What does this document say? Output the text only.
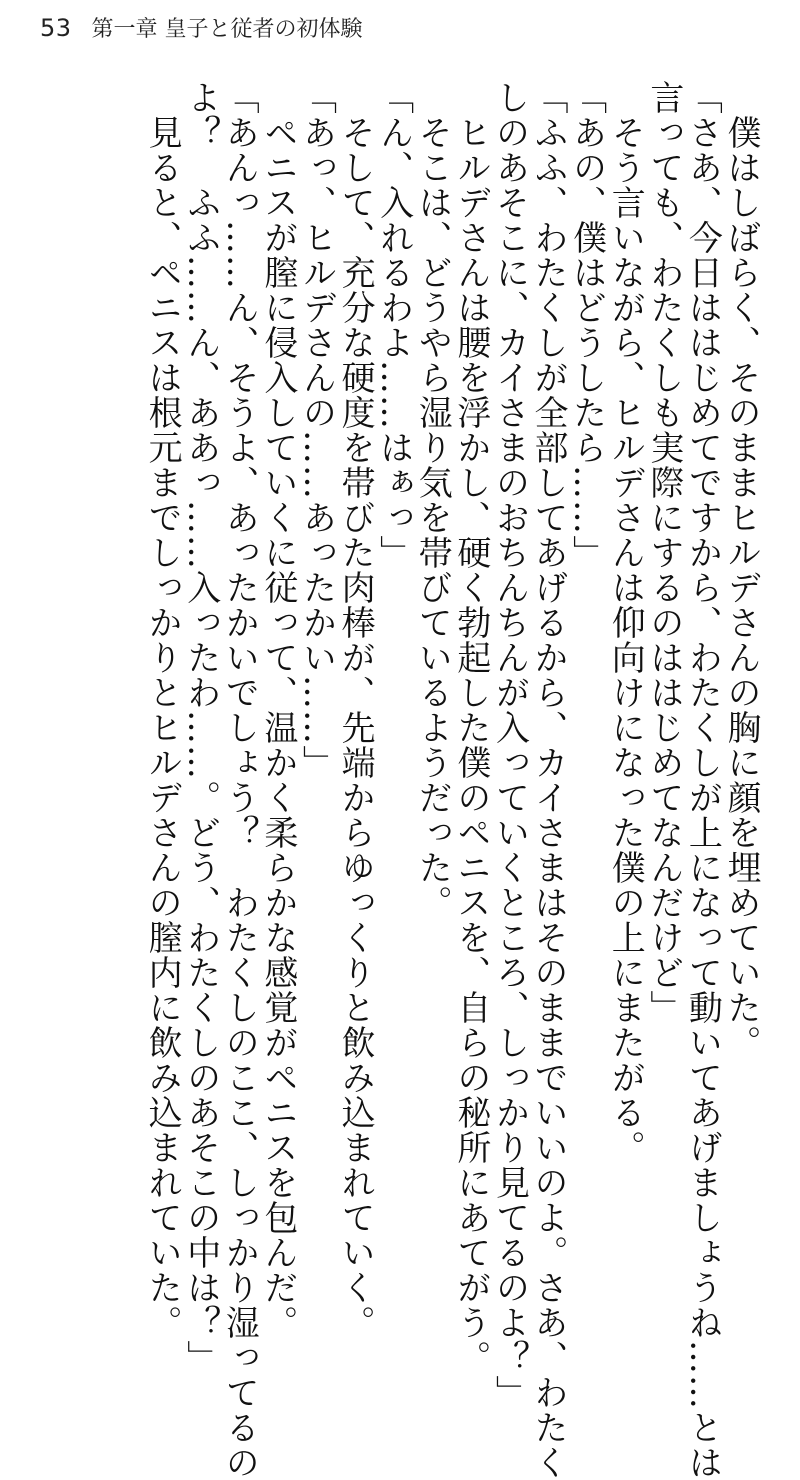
53 第一章 皇子と従者の初体験

　僕はしばらく、そのままヒルデさんの胸に顔を埋めていた。

「さあ、今日ははじめてですから、わたくしが上になって動いてあげましょうね……とは

言っても、わたくしも実際にするのははじめてなんだけど」

　そう言いながら、ヒルデさんは仰向けになった僕の上にまたがる。

「あの、僕はどうしたら……」

「ふふ、わたくしが全部してあげるから、カイさまはそのままでいいのよ。さあ、わたく

しのあそこに、カイさまのおちんちんが入っていくところ、しっかり見てるのよ？」

　ヒルデさんは腰を浮かし、硬く勃起した僕のペニスを、自らの秘所にあてがう。

　そこは、どうやら湿り気を帯びているようだった。

「ん、入れるわよ……はぁっ」

　そして、充分な硬度を帯びた肉棒が、先端からゆっくりと飲み込まれていく。

「あっ、ヒルデさんの……あったかい……」

　ペニスが膣に侵入していくに従って、温かく柔らかな感覚がペニスを包んだ。

「あんっ……ん、そうよ、あったかいでしょう？　わたくしのここ、しっかり湿ってるの

よ？　ふふ……ん、ああっ……入ったわ……。どう、わたくしのあそこの中は？」

　見ると、ペニスは根元までしっかりとヒルデさんの膣内に飲み込まれていた。
